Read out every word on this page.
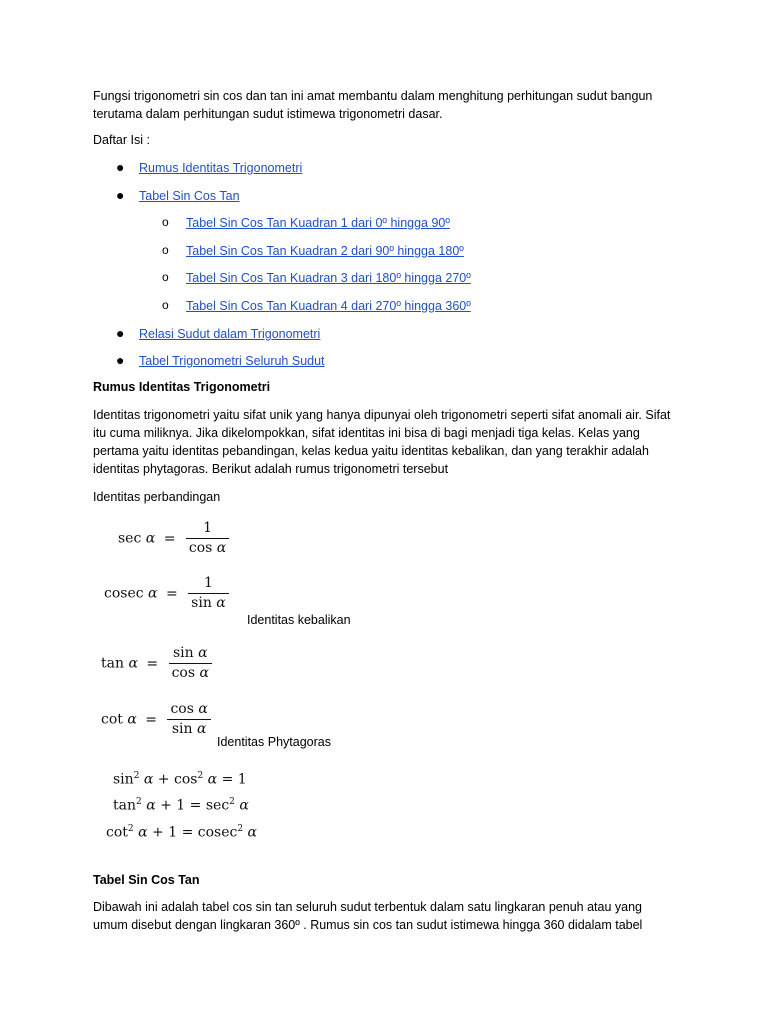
Fungsi trigonometri sin cos dan tan ini amat membantu dalam menghitung perhitungan sudut bangun terutama dalam perhitungan sudut istimewa trigonometri dasar.

Daftar Isi :

● Rumus Identitas Trigonometri
● Tabel Sin Cos Tan
o Tabel Sin Cos Tan Kuadran 1 dari 0º hingga 90º
o Tabel Sin Cos Tan Kuadran 2 dari 90º hingga 180º
o Tabel Sin Cos Tan Kuadran 3 dari 180º hingga 270º
o Tabel Sin Cos Tan Kuadran 4 dari 270º hingga 360º
● Relasi Sudut dalam Trigonometri
● Tabel Trigonometri Seluruh Sudut

Rumus Identitas Trigonometri

Identitas trigonometri yaitu sifat unik yang hanya dipunyai oleh trigonometri seperti sifat anomali air. Sifat itu cuma miliknya. Jika dikelompokkan, sifat identitas ini bisa di bagi menjadi tiga kelas. Kelas yang pertama yaitu identitas pebandingan, kelas kedua yaitu identitas kebalikan, dan yang terakhir adalah identitas phytagoras. Berikut adalah rumus trigonometri tersebut

Identitas perbandingan

$\sec \alpha = \frac{1}{\text{cos α}}$
cosec $\alpha = \frac{1}{\text{sin α}}$
Identitas kebalikan
$\tan \alpha = \frac{\text{sin α}}{\text{cos α}}$
$\cot \alpha = \frac{\text{cos α}}{\text{sin α}}$
Identitas Phytagoras
$\sin^2 \alpha + \cos^2 \alpha = 1$
$\tan^2 \alpha + 1 = \sec^2 \alpha$
$\cot^2 \alpha + 1 = cosec^2$ α

Tabel Sin Cos Tan

Dibawah ini adalah tabel cos sin tan seluruh sudut terbentuk dalam satu lingkaran penuh atau yang umum disebut dengan lingkaran 360º . Rumus sin cos tan sudut istimewa hingga 360 didalam tabel
